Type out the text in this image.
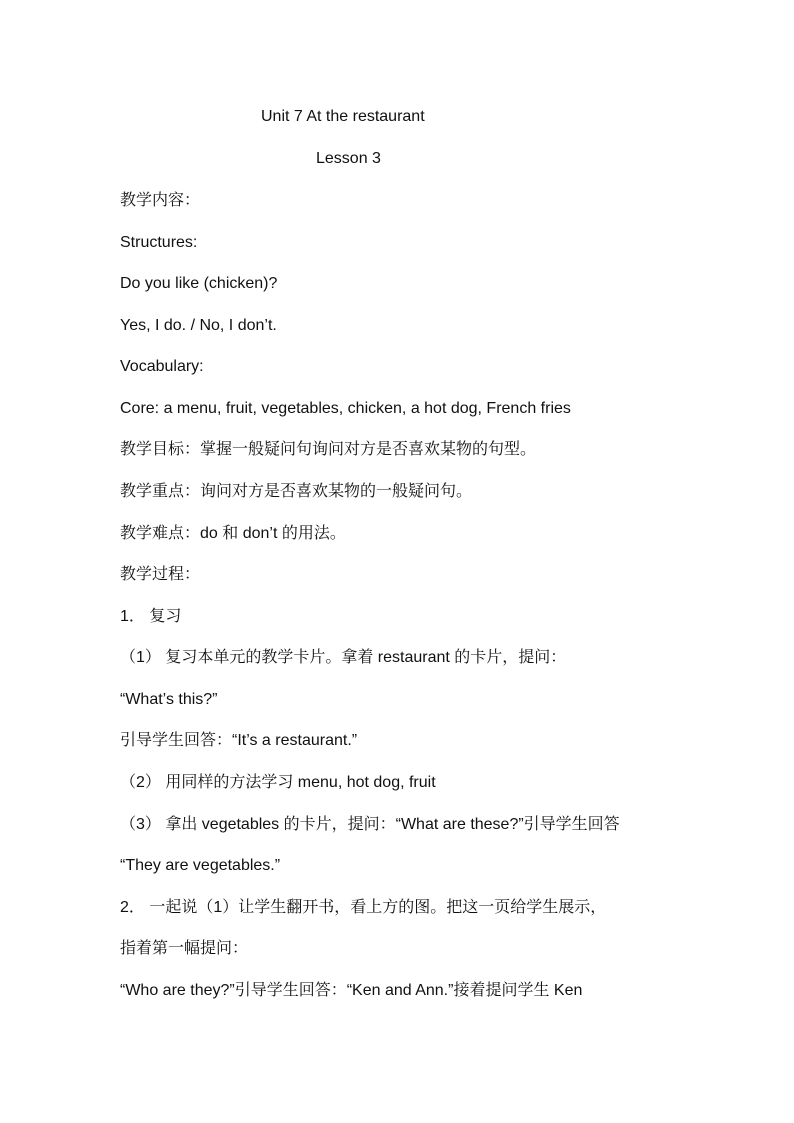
Unit 7 At the restaurant
Lesson 3
教学内容：
Structures:
Do you like (chicken)?
Yes, I do. / No, I don’t.
Vocabulary:
Core: a menu, fruit, vegetables, chicken, a hot dog, French fries
教学目标：掌握一般疑问句询问对方是否喜欢某物的句型。
教学重点：询问对方是否喜欢某物的一般疑问句。
教学难点：do 和 don’t 的用法。
教学过程：
1． 复习
（1） 复习本单元的教学卡片。拿着 restaurant 的卡片，提问：
“What’s this?”
引导学生回答：“It’s a restaurant.”
（2） 用同样的方法学习 menu, hot dog, fruit
（3） 拿出 vegetables 的卡片，提问：“What are these?”引导学生回答
“They are vegetables.”
2． 一起说（1）让学生翻开书，看上方的图。把这一页给学生展示，
指着第一幅提问：
“Who are they?”引导学生回答：“Ken and Ann.”接着提问学生 Ken
